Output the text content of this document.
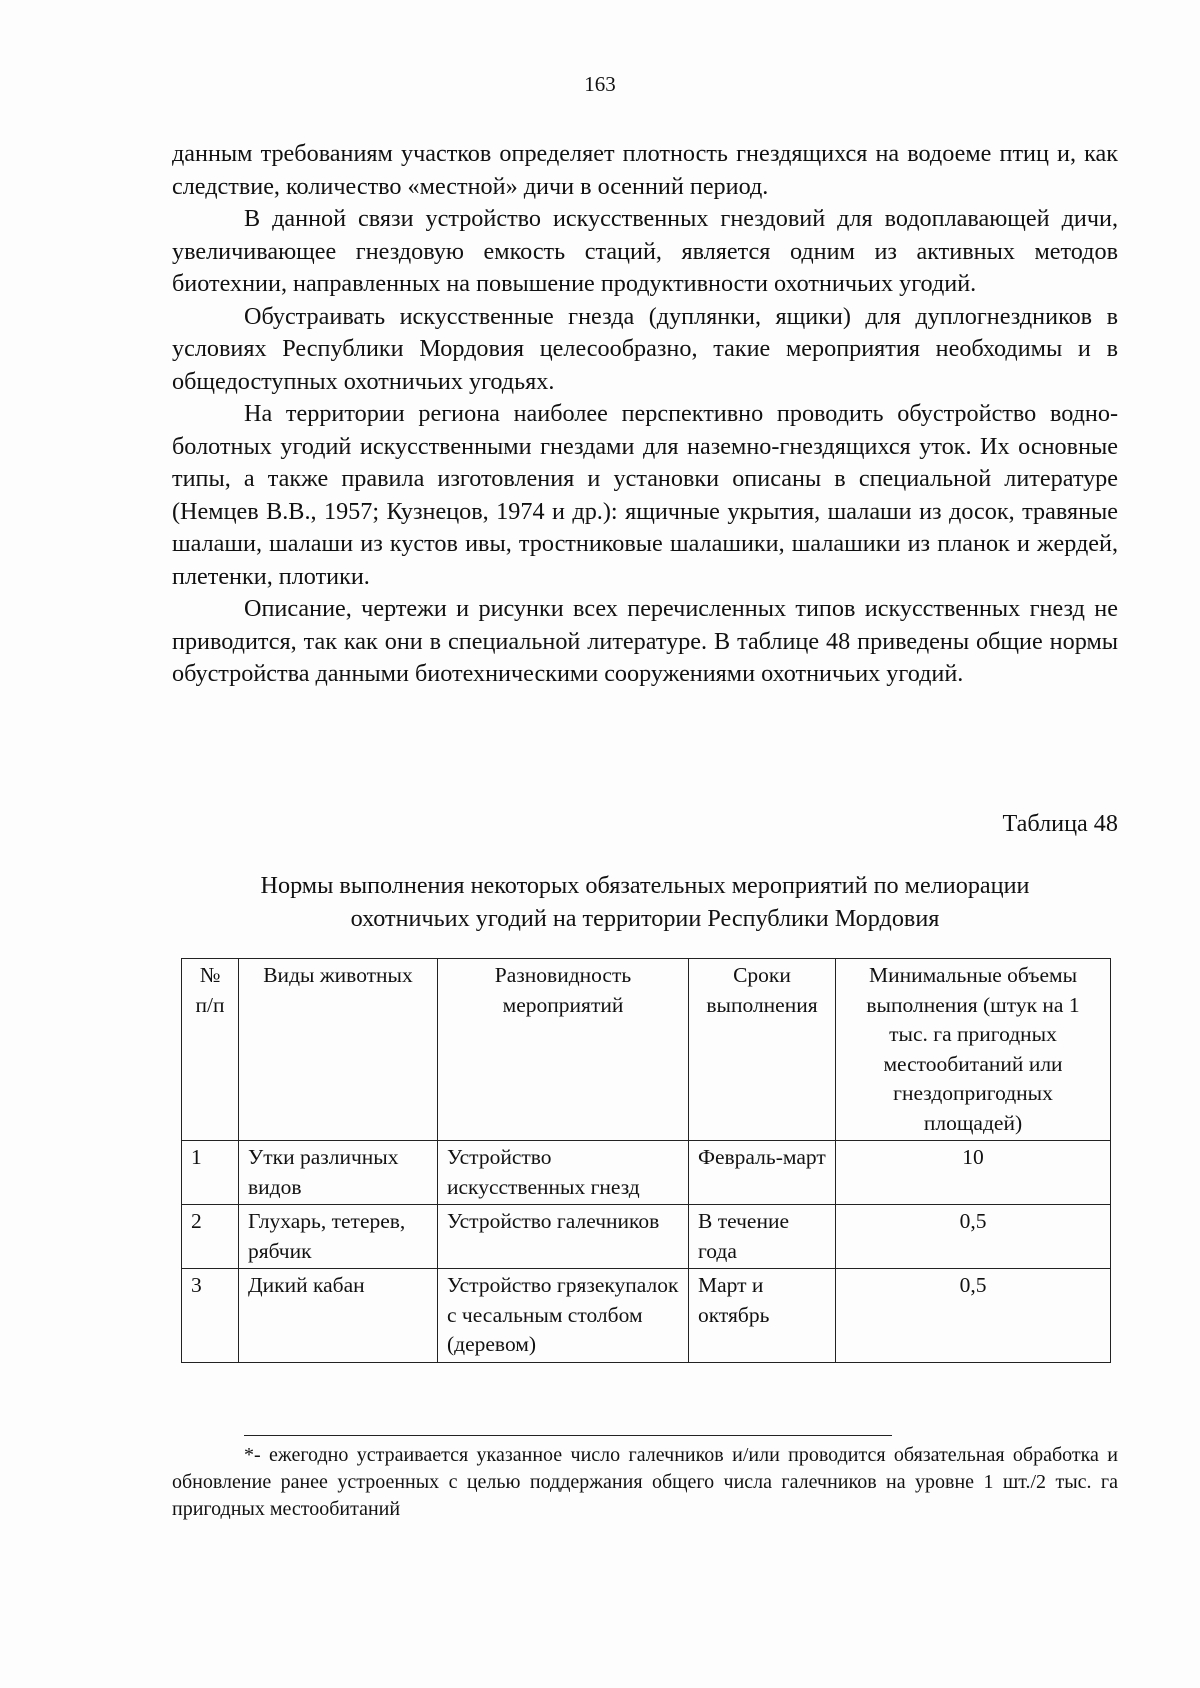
163

данным требованиям участков определяет плотность гнездящихся на водоеме птиц и, как следствие, количество «местной» дичи в осенний период.

В данной связи устройство искусственных гнездовий для водоплавающей дичи, увеличивающее гнездовую емкость стаций, является одним из активных методов биотехнии, направленных на повышение продуктивности охотничьих угодий.

Обустраивать искусственные гнезда (дуплянки, ящики) для дуплогнездников в условиях Республики Мордовия целесообразно, такие мероприятия необходимы и в общедоступных охотничьих угодьях.

На территории региона наиболее перспективно проводить обустройство водно-болотных угодий искусственными гнездами для наземно-гнездящихся уток. Их основные типы, а также правила изготовления и установки описаны в специальной литературе (Немцев В.В., 1957; Кузнецов, 1974 и др.): ящичные укрытия, шалаши из досок, травяные шалаши, шалаши из кустов ивы, тростниковые шалашики, шалашики из планок и жердей, плетенки, плотики.

Описание, чертежи и рисунки всех перечисленных типов искусственных гнезд не приводится, так как они в специальной литературе. В таблице 48 приведены общие нормы обустройства данными биотехническими сооружениями охотничьих угодий.

Таблица 48
Нормы выполнения некоторых обязательных мероприятий по мелиорации
охотничьих угодий на территории Республики Мордовия
№ п/п	Виды животных	Разновидность мероприятий	Сроки выполнения	Минимальные объемы выполнения (штук на 1 тыс. га пригодных местообитаний или гнездопригодных площадей)
1	Утки различных видов	Устройство искусственных гнезд	Февраль-март	10
2	Глухарь, тетерев, рябчик	Устройство галечников	В течение года	0,5
3	Дикий кабан	Устройство грязекупалок с чесальным столбом (деревом)	Март и октябрь	0,5
*- ежегодно устраивается указанное число галечников и/или проводится обязательная обработка и обновление ранее устроенных с целью поддержания общего числа галечников на уровне 1 шт./2 тыс. га пригодных местообитаний
